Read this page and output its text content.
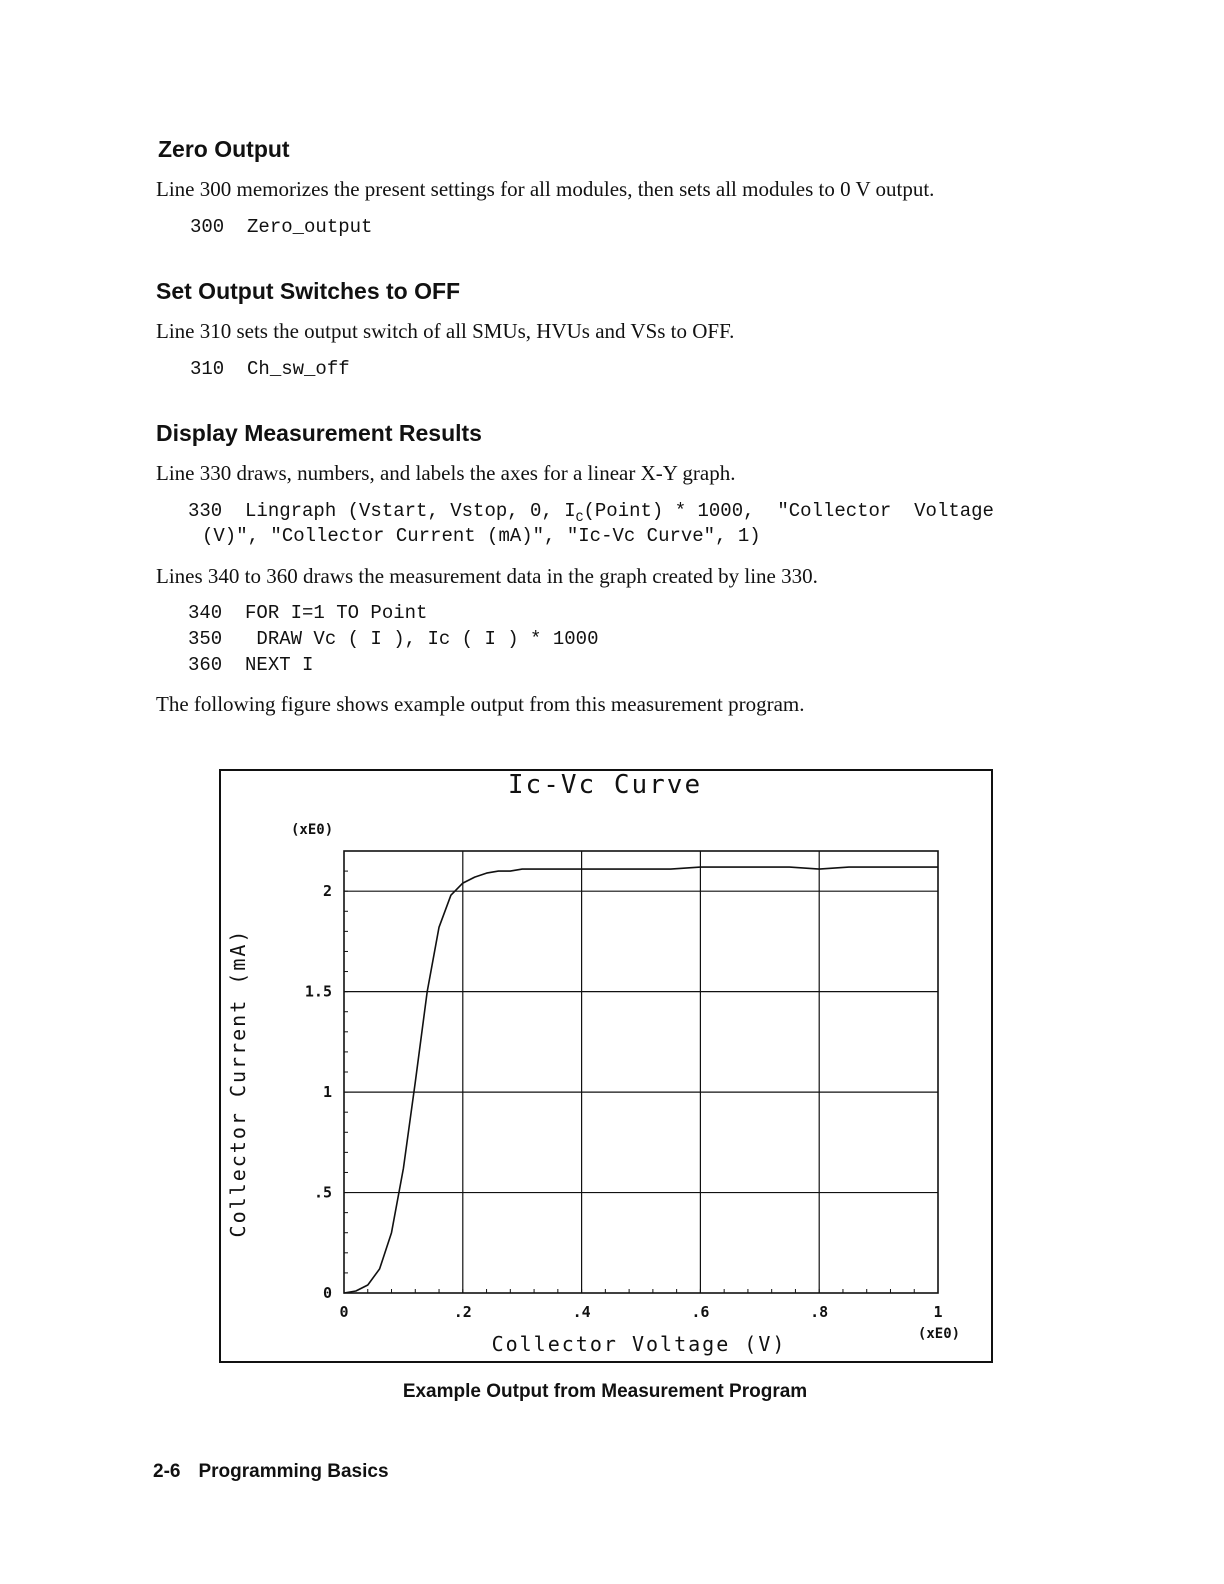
Zero Output

Line 300 memorizes the present settings for all modules, then sets all modules to 0 V output.

300  Zero_output

Set Output Switches to OFF

Line 310 sets the output switch of all SMUs, HVUs and VSs to OFF.

310  Ch_sw_off

Display Measurement Results

Line 330 draws, numbers, and labels the axes for a linear X-Y graph.

330  Lingraph (Vstart, Vstop, 0, $I_C(Point) * 1000$,  "Collector  Voltage

(V)", "Collector Current (mA)", "Ic-Vc Curve", 1)

Lines 340 to 360 draws the measurement data in the graph created by line 330.

340  FOR I=1 TO Point

350   DRAW Vc ( I ), Ic ( I ) * 1000

360  NEXT I

The following figure shows example output from this measurement program.

Ic-Vc Curve
(xE0)
(xE0)
Collector Voltage (V)
Collector Current (mA)
0	.2	.4	.6	.8	1
0
.5
1
1.5
2
Example Output from Measurement Program
2-6 Programming Basics
